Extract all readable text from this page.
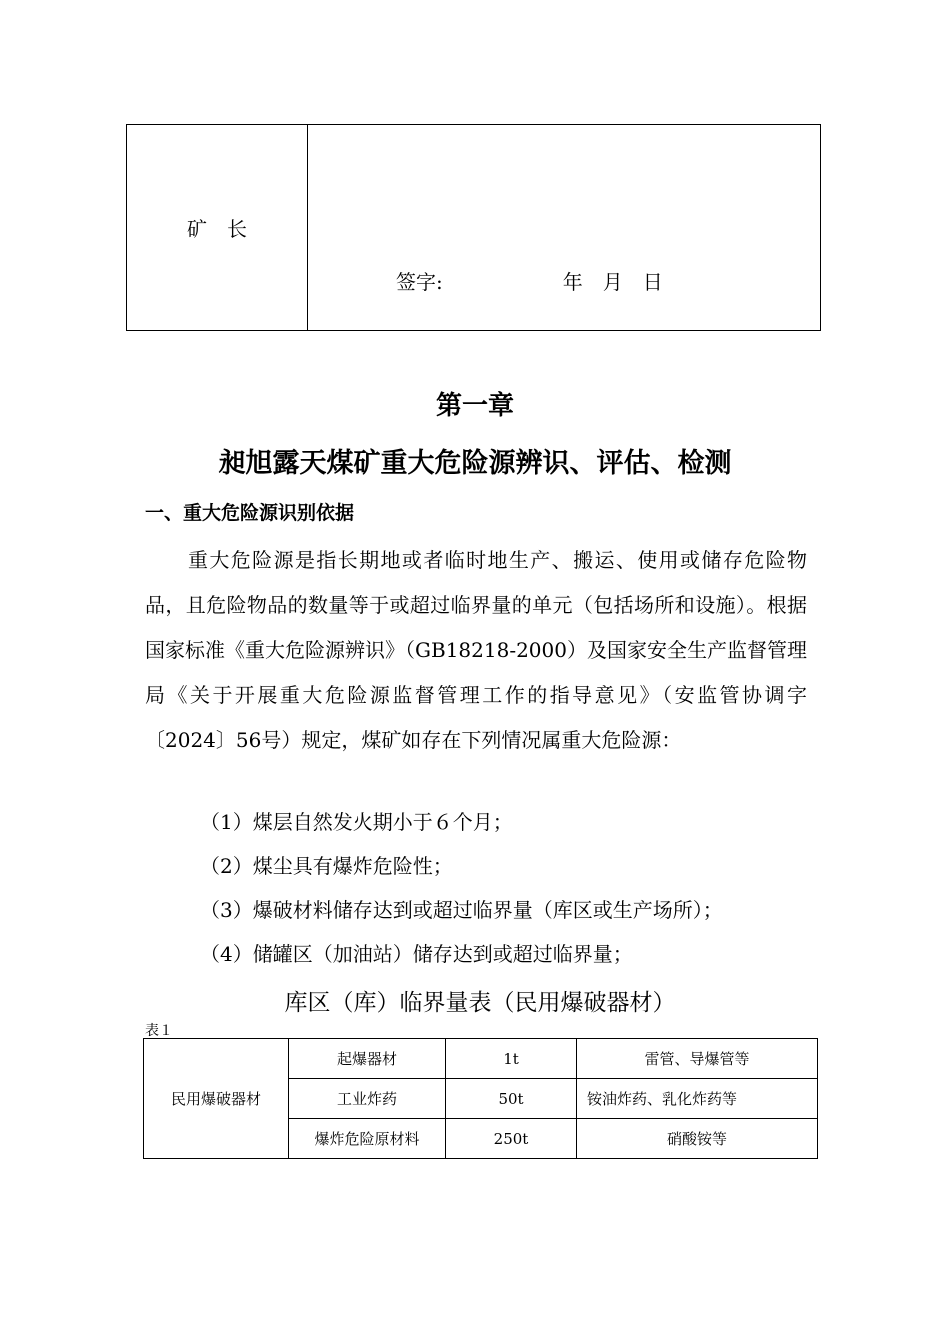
矿　长	
签字:	年　月　日
第一章
昶旭露天煤矿重大危险源辨识、评估、检测
一、重大危险源识别依据

重大危险源是指长期地或者临时地生产、搬运、使用或储存危险物品，且危险物品的数量等于或超过临界量的单元（包括场所和设施）。根据国家标准《重大危险源辨识》（GB18218-2000）及国家安全生产监督管理局《关于开展重大危险源监督管理工作的指导意见》（安监管协调字〔2024〕56号）规定，煤矿如存在下列情况属重大危险源：

（1）煤层自然发火期小于６个月；
（2）煤尘具有爆炸危险性；
（3）爆破材料储存达到或超过临界量（库区或生产场所）；
（4）储罐区（加油站）储存达到或超过临界量；
库区（库）临界量表（民用爆破器材）
表１
民用爆破器材	起爆器材	1t	雷管、导爆管等
	工业炸药	50t	铵油炸药、乳化炸药等
	爆炸危险原材料	250t	硝酸铵等
